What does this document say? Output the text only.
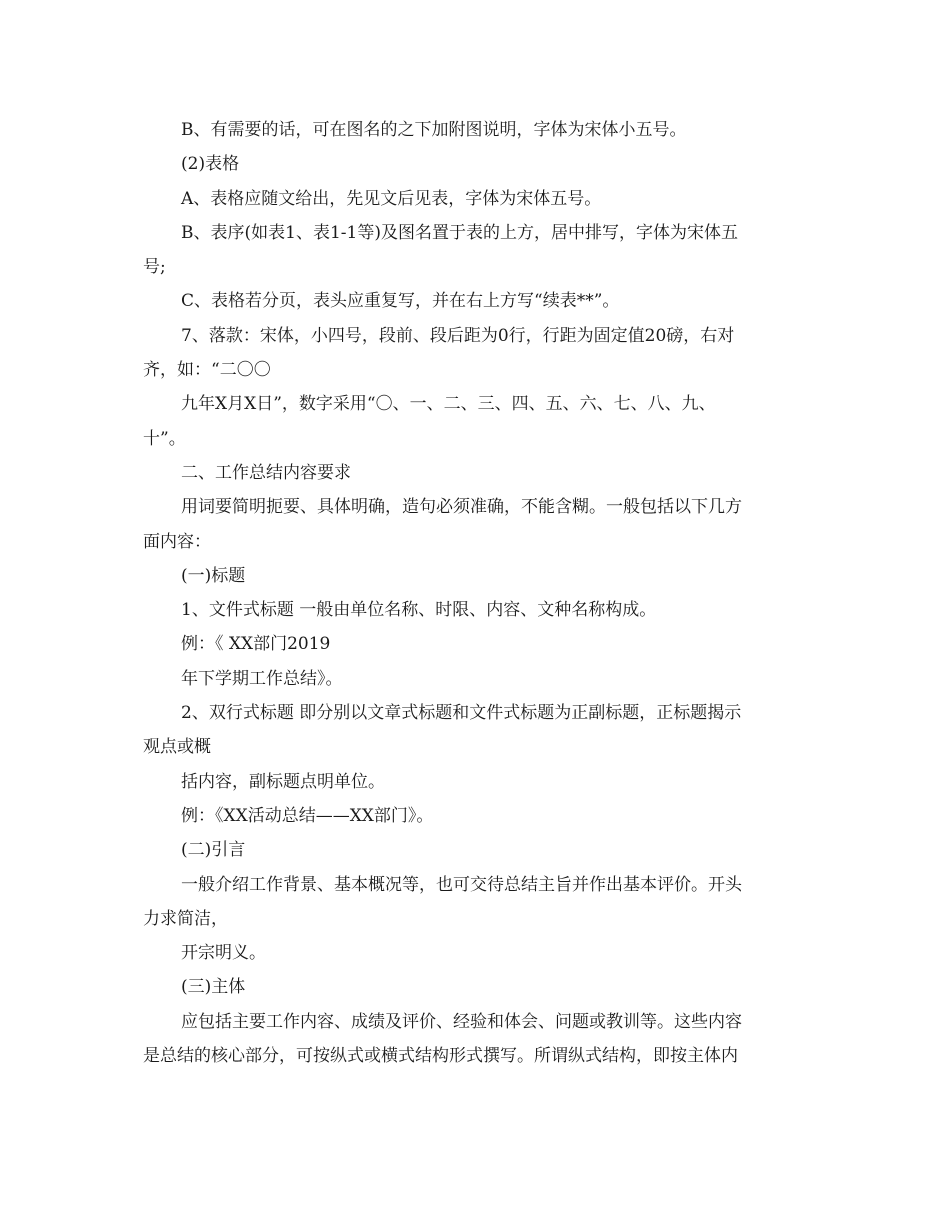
B、有需要的话，可在图名的之下加附图说明，字体为宋体小五号。
(2)表格
A、表格应随文给出，先见文后见表，字体为宋体五号。
B、表序(如表1、表1-1等)及图名置于表的上方，居中排写，字体为宋体五
号;
C、表格若分页，表头应重复写，并在右上方写“续表**”。
7、落款：宋体，小四号，段前、段后距为0行，行距为固定值20磅，右对
齐，如：“二〇〇
九年X月X日”，数字采用“〇、一、二、三、四、五、六、七、八、九、
十”。
二、工作总结内容要求
用词要简明扼要、具体明确，造句必须准确，不能含糊。一般包括以下几方
面内容：
(一)标题
1、文件式标题 一般由单位名称、时限、内容、文种名称构成。
例：《 XX部门2019
年下学期工作总结》。
2、双行式标题 即分别以文章式标题和文件式标题为正副标题，正标题揭示
观点或概
括内容，副标题点明单位。
例：《XX活动总结——XX部门》。
(二)引言
一般介绍工作背景、基本概况等，也可交待总结主旨并作出基本评价。开头
力求简洁，
开宗明义。
(三)主体
应包括主要工作内容、成绩及评价、经验和体会、问题或教训等。这些内容
是总结的核心部分，可按纵式或横式结构形式撰写。所谓纵式结构，即按主体内
